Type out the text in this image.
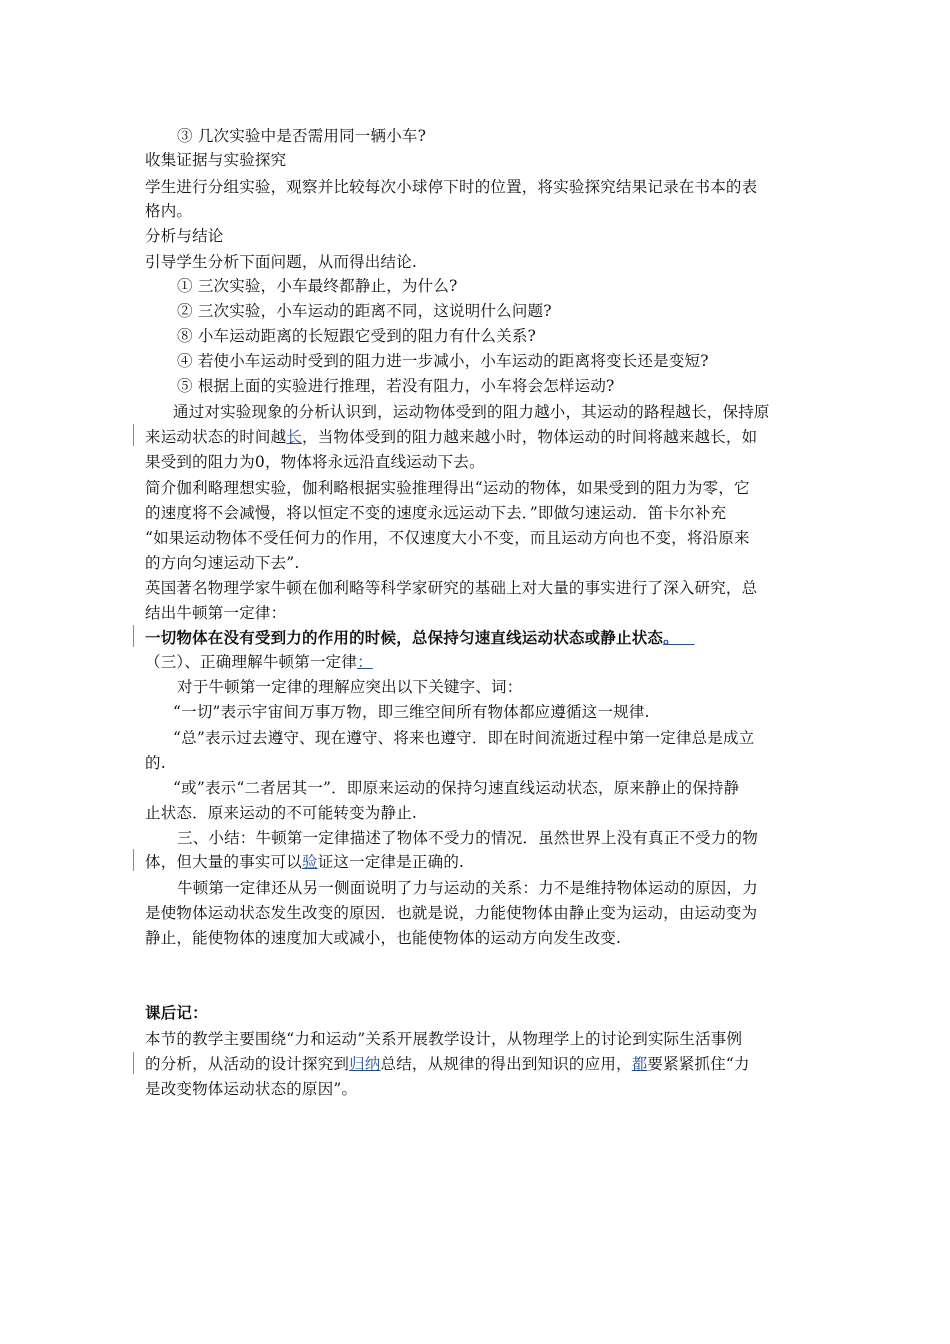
③ 几次实验中是否需用同一辆小车?
收集证据与实验探究
学生进行分组实验，观察并比较每次小球停下时的位置，将实验探究结果记录在书本的表
格内。
分析与结论
引导学生分析下面问题，从而得出结论.
① 三次实验，小车最终都静止，为什么?
② 三次实验，小车运动的距离不同，这说明什么问题?
⑧ 小车运动距离的长短跟它受到的阻力有什么关系?
④ 若使小车运动时受到的阻力进一步减小，小车运动的距离将变长还是变短?
⑤ 根据上面的实验进行推理，若没有阻力，小车将会怎样运动?
通过对实验现象的分析认识到，运动物体受到的阻力越小，其运动的路程越长，保持原
来运动状态的时间越长，当物体受到的阻力越来越小时，物体运动的时间将越来越长，如
果受到的阻力为0，物体将永远沿直线运动下去。
简介伽利略理想实验，伽利略根据实验推理得出“运动的物体，如果受到的阻力为零，它
的速度将不会减慢，将以恒定不变的速度永远运动下去．”即做匀速运动．笛卡尔补充
“如果运动物体不受任何力的作用，不仅速度大小不变，而且运动方向也不变，将沿原来
的方向匀速运动下去”.
英国著名物理学家牛顿在伽利略等科学家研究的基础上对大量的事实进行了深入研究，总
结出牛顿第一定律：
一切物体在没有受到力的作用的时候，总保持匀速直线运动状态或静止状态。 
（三）、正确理解牛顿第一定律：
对于牛顿第一定律的理解应突出以下关键字、词：
“一切”表示宇宙间万事万物，即三维空间所有物体都应遵循这一规律.
“总”表示过去遵守、现在遵守、将来也遵守．即在时间流逝过程中第一定律总是成立
的.
“或”表示“二者居其一”．即原来运动的保持匀速直线运动状态，原来静止的保持静
止状态．原来运动的不可能转变为静止.
三、小结：牛顿第一定律描述了物体不受力的情况．虽然世界上没有真正不受力的物
体，但大量的事实可以验证这一定律是正确的.
牛顿第一定律还从另一侧面说明了力与运动的关系：力不是维持物体运动的原因，力
是使物体运动状态发生改变的原因．也就是说，力能使物体由静止变为运动，由运动变为
静止，能使物体的速度加大或减小，也能使物体的运动方向发生改变.
课后记：
本节的教学主要围绕“力和运动”关系开展教学设计，从物理学上的讨论到实际生活事例
的分析，从活动的设计探究到归纳总结，从规律的得出到知识的应用，都要紧紧抓住“力
是改变物体运动状态的原因”。
